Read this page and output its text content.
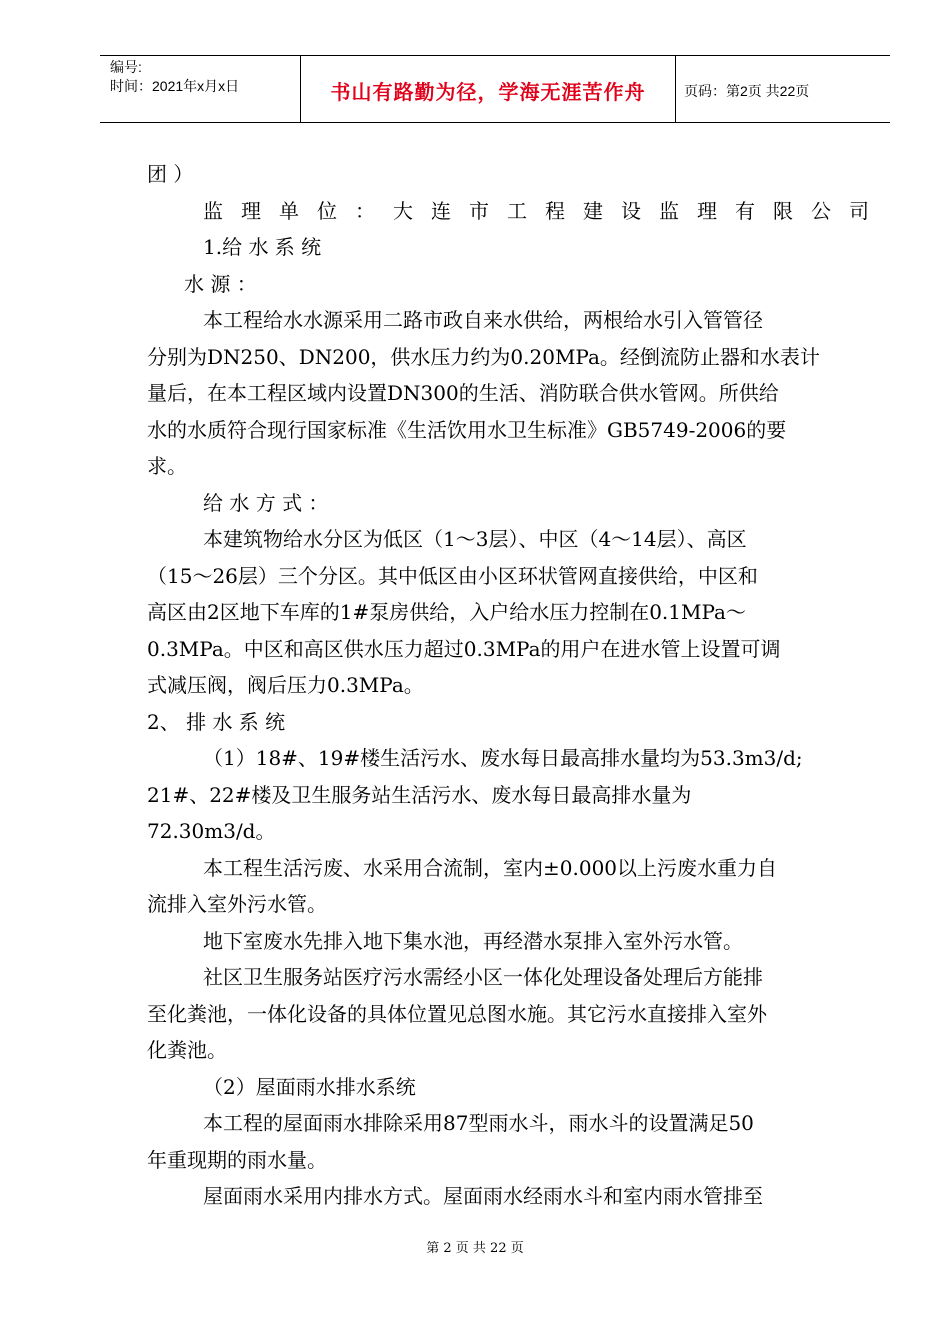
编号:
时间：2021年x月x日	书山有路勤为径，学海无涯苦作舟	页码：第2页 共22页

团 ）

监理单位：大连市工程建设监理有限公司

1.给 水 系 统

水 源 ：

本工程给水水源采用二路市政自来水供给，两根给水引入管管径

分别为DN250、DN200，供水压力约为0.20MPa。经倒流防止器和水表计

量后，在本工程区域内设置DN300的生活、消防联合供水管网。所供给

水的水质符合现行国家标准《生活饮用水卫生标准》GB5749-2006的要

求。

给 水 方 式 ：

本建筑物给水分区为低区（1～3层）、中区（4～14层）、高区

（15～26层）三个分区。其中低区由小区环状管网直接供给，中区和

高区由2区地下车库的1#泵房供给，入户给水压力控制在0.1MPa～

0.3MPa。中区和高区供水压力超过0.3MPa的用户在进水管上设置可调

式减压阀，阀后压力0.3MPa。

2、 排 水 系 统

（1）18#、19#楼生活污水、废水每日最高排水量均为53.3m3/d;

21#、22#楼及卫生服务站生活污水、废水每日最高排水量为

72.30m3/d。

本工程生活污废、水采用合流制，室内±0.000以上污废水重力自

流排入室外污水管。

地下室废水先排入地下集水池，再经潜水泵排入室外污水管。

社区卫生服务站医疗污水需经小区一体化处理设备处理后方能排

至化粪池，一体化设备的具体位置见总图水施。其它污水直接排入室外

化粪池。

（2）屋面雨水排水系统

本工程的屋面雨水排除采用87型雨水斗，雨水斗的设置满足50

年重现期的雨水量。

屋面雨水采用内排水方式。屋面雨水经雨水斗和室内雨水管排至

第 2 页 共 22 页
